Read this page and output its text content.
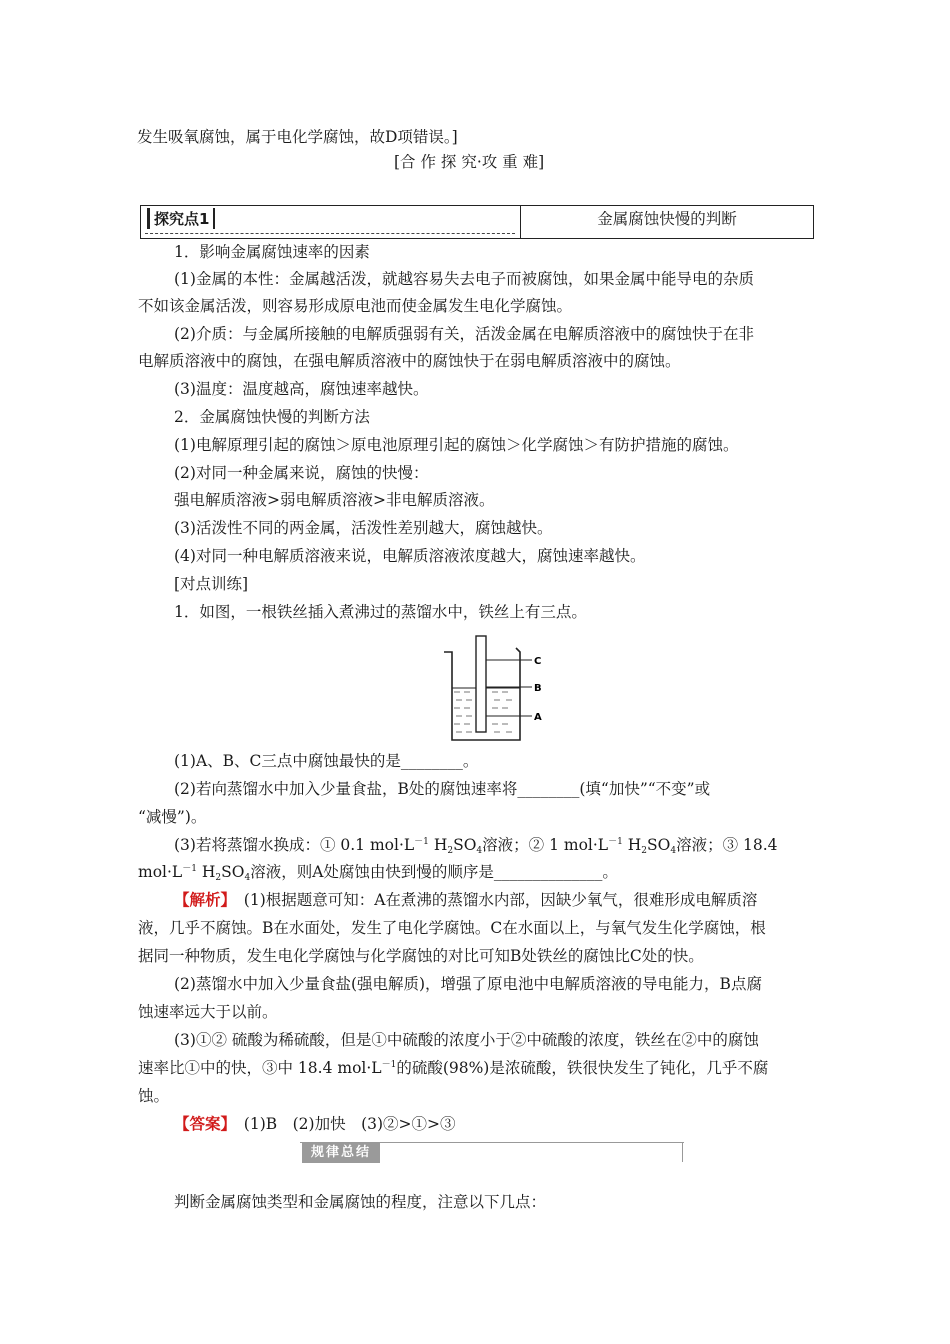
发生吸氧腐蚀，属于电化学腐蚀，故D项错误。]
[合 作 探 究·攻 重 难]
探究点1	金属腐蚀快慢的判断
1．影响金属腐蚀速率的因素
(1)金属的本性：金属越活泼，就越容易失去电子而被腐蚀，如果金属中能导电的杂质
不如该金属活泼，则容易形成原电池而使金属发生电化学腐蚀。
(2)介质：与金属所接触的电解质强弱有关，活泼金属在电解质溶液中的腐蚀快于在非
电解质溶液中的腐蚀，在强电解质溶液中的腐蚀快于在弱电解质溶液中的腐蚀。
(3)温度：温度越高，腐蚀速率越快。
2．金属腐蚀快慢的判断方法
(1)电解原理引起的腐蚀＞原电池原理引起的腐蚀＞化学腐蚀＞有防护措施的腐蚀。
(2)对同一种金属来说，腐蚀的快慢：
强电解质溶液>弱电解质溶液>非电解质溶液。
(3)活泼性不同的两金属，活泼性差别越大，腐蚀越快。
(4)对同一种电解质溶液来说，电解质溶液浓度越大，腐蚀速率越快。
[对点训练]
1．如图，一根铁丝插入煮沸过的蒸馏水中，铁丝上有三点。
C
B
A
(1)A、B、C三点中腐蚀最快的是________。
(2)若向蒸馏水中加入少量食盐，B处的腐蚀速率将________(填“加快”“不变”或
“减慢”)。
(3)若将蒸馏水换成：① 0.1 $mol\cdot L^{-1}$ $H_2SO_4$溶液；② 1 $mol\cdot L^{-1}$ $H_2SO_4$溶液；③ 18.4
$mol\cdot L^{-1}$ $H_2SO_4$溶液，则A处腐蚀由快到慢的顺序是______________。
【解析】　 (1)根据题意可知：A在煮沸的蒸馏水内部，因缺少氧气，很难形成电解质溶
液，几乎不腐蚀。B在水面处，发生了电化学腐蚀。C在水面以上，与氧气发生化学腐蚀，根
据同一种物质，发生电化学腐蚀与化学腐蚀的对比可知B处铁丝的腐蚀比C处的快。
(2)蒸馏水中加入少量食盐(强电解质)，增强了原电池中电解质溶液的导电能力，B点腐
蚀速率远大于以前。
(3)①② 硫酸为稀硫酸，但是①中硫酸的浓度小于②中硫酸的浓度，铁丝在②中的腐蚀
速率比①中的快，③中 18.4 $mol\cdot L^{-1}$的硫酸(98%)是浓硫酸，铁很快发生了钝化，几乎不腐
蚀。
【答案】　 (1)B　(2)加快　(3)②>①>③
规律总结
判断金属腐蚀类型和金属腐蚀的程度，注意以下几点：
